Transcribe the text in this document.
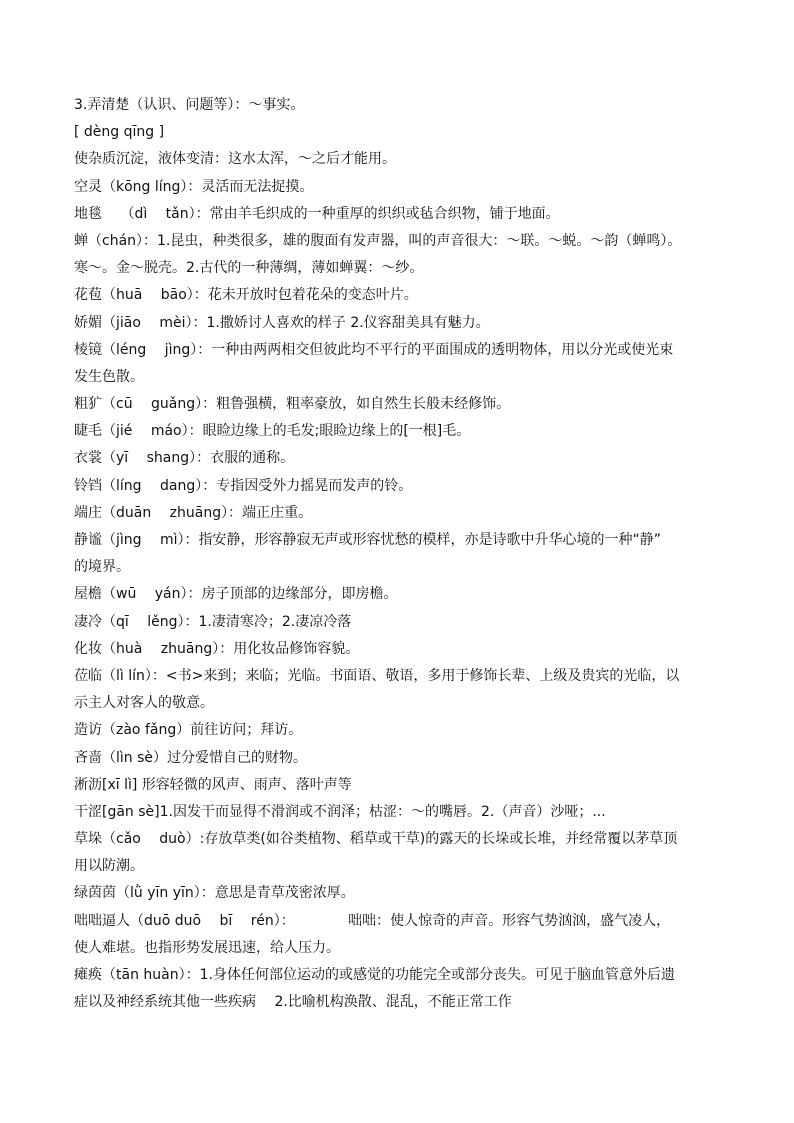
3.弄清楚（认识、问题等）：～事实。
[ dèng qīng ]
使杂质沉淀，液体变清：这水太浑，～之后才能用。
空灵（kōng líng）：灵活而无法捉摸。
地毯　 （dì　 tǎn）：常由羊毛织成的一种重厚的织织或毡合织物，铺于地面。
蝉（chán）：1.昆虫，种类很多，雄的腹面有发声器，叫的声音很大：～联。～蜕。～韵（蝉鸣）。
寒～。金～脱壳。2.古代的一种薄绸，薄如蝉翼：～纱。
花苞（huā　 bāo）：花未开放时包着花朵的变态叶片。
娇媚（jiāo　 mèi）：1.撒娇讨人喜欢的样子 2.仪容甜美具有魅力。
棱镜（léng　 jìng）：一种由两两相交但彼此均不平行的平面围成的透明物体，用以分光或使光束
发生色散。
粗犷（cū　 guǎng）：粗鲁强横，粗率豪放，如自然生长般未经修饰。
睫毛（jié　 máo）：眼睑边缘上的毛发;眼睑边缘上的[一根]毛。
衣裳（yī　 shang）：衣服的通称。
铃铛（líng　 dang）：专指因受外力摇晃而发声的铃。
端庄（duān　 zhuāng）：端正庄重。
静谧（jìng　 mì）：指安静，形容静寂无声或形容忧愁的模样，亦是诗歌中升华心境的一种“静”
的境界。
屋檐（wū　 yán）：房子顶部的边缘部分，即房檐。
凄冷（qī　 lěng）：1.凄清寒冷；2.凄凉冷落
化妆（huà　 zhuāng）：用化妆品修饰容貌。
莅临（lì lín）：<书>来到；来临；光临。书面语、敬语，多用于修饰长辈、上级及贵宾的光临，以
示主人对客人的敬意。
造访（zào fǎng）前往访问；拜访。
吝啬（lìn sè）过分爱惜自己的财物。
淅沥[xī lì] 形容轻微的风声、雨声、落叶声等
干涩[gān sè]1.因发干而显得不滑润或不润泽；枯涩：～的嘴唇。2.（声音）沙哑；...
草垛（cǎo　 duò）:存放草类(如谷类植物、稻草或干草)的露天的长垛或长堆，并经常覆以茅草顶
用以防潮。
绿茵茵（lǜ yīn yīn）：意思是青草茂密浓厚。
咄咄逼人（duō duō　 bī　 rén）：　　　　 咄咄：使人惊奇的声音。形容气势汹汹，盛气凌人，
使人难堪。也指形势发展迅速，给人压力。
瘫痪（tān huàn）：1.身体任何部位运动的或感觉的功能完全或部分丧失。可见于脑血管意外后遗
症以及神经系统其他一些疾病　 2.比喻机构涣散、混乱，不能正常工作
